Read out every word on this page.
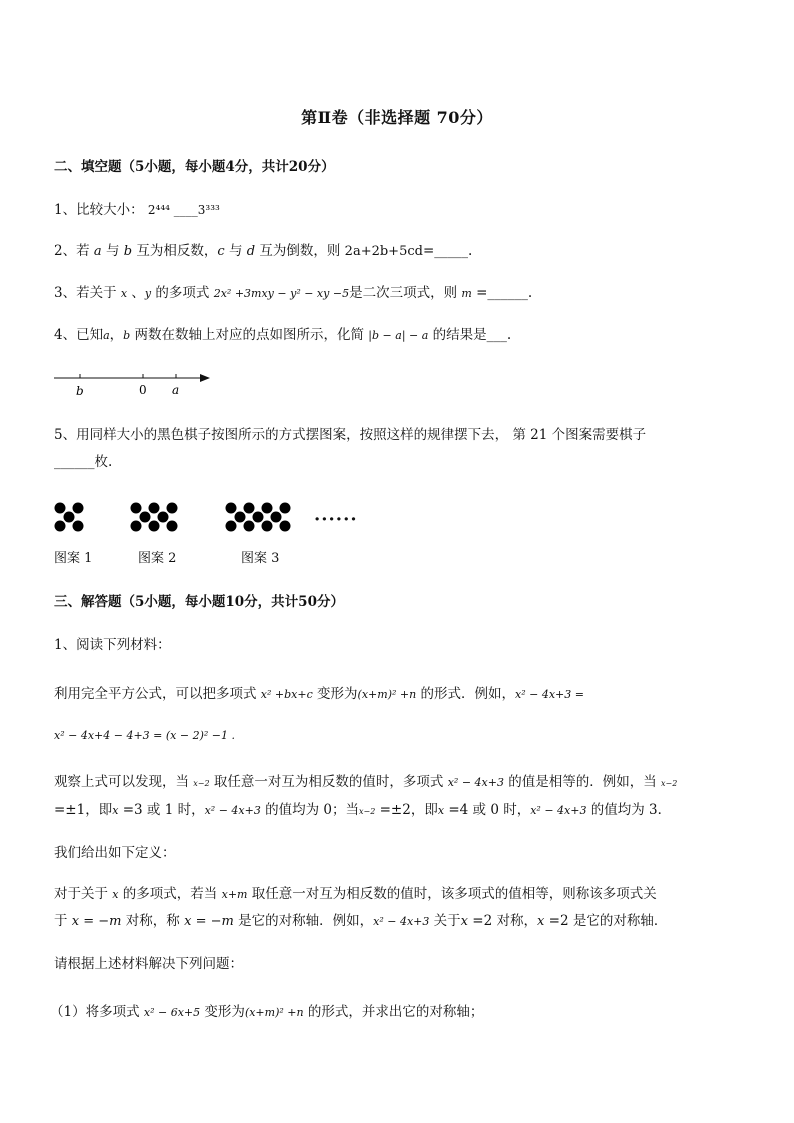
第Ⅱ卷（非选择题 70分）
二、填空题（5小题，每小题4分，共计20分）
1、比较大小： 2⁴⁴⁴ ____3³³³
2、若 a 与 b 互为相反数，c 与 d 互为倒数，则 2a+2b+5cd=_____.
3、若关于 x 、y 的多项式 2x² +3mxy − y² − xy −5是二次三项式，则 m =______.
4、已知a，b 两数在数轴上对应的点如图所示，化简 |b − a| − a 的结果是___.
b	0 a
5、用同样大小的黑色棋子按图所示的方式摆图案，按照这样的规律摆下去， 第 21 个图案需要棋子
______枚.
······
图案 1	图案 2	图案 3
三、解答题（5小题，每小题10分，共计50分）
1、阅读下列材料：
利用完全平方公式，可以把多项式 x² +bx+c 变形为(x+m)² +n 的形式．例如，x² − 4x+3 =
x² − 4x+4 − 4+3 = (x − 2)² −1 .
观察上式可以发现，当 x−2 取任意一对互为相反数的值时，多项式 x² − 4x+3 的值是相等的．例如，当 x−2
=±1，即x =3 或 1 时，x² − 4x+3 的值均为 0；当x−2 =±2，即x =4 或 0 时，x² − 4x+3 的值均为 3．
我们给出如下定义：
对于关于 x 的多项式，若当 x+m 取任意一对互为相反数的值时，该多项式的值相等，则称该多项式关
于 x = −m 对称，称 x = −m 是它的对称轴．例如，x² − 4x+3 关于x =2 对称，x =2 是它的对称轴．
请根据上述材料解决下列问题：
（1）将多项式 x² − 6x+5 变形为(x+m)² +n 的形式，并求出它的对称轴；
